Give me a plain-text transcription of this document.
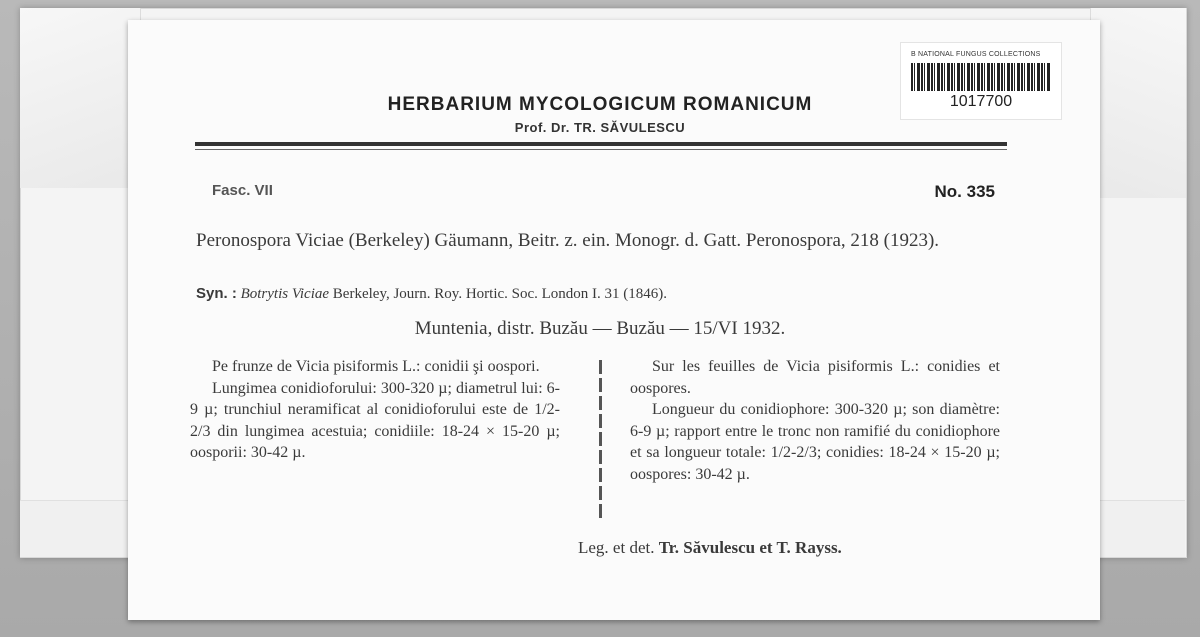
B NATIONAL FUNGUS COLLECTIONS
1017700
HERBARIUM MYCOLOGICUM ROMANICUM
Prof. Dr. TR. SĂVULESCU
Fasc. VII	No. 335
Peronospora Viciae (Berkeley) Gäumann, Beitr. z. ein. Monogr. d. Gatt. Peronospora, 218 (1923).
Syn. : Botrytis Viciae Berkeley, Journ. Roy. Hortic. Soc. London I. 31 (1846).
Muntenia, distr. Buzău — Buzău — 15/VI 1932.

Pe frunze de Vicia pisiformis L.: conidii şi oospori.

Lungimea conidioforului: 300-320 µ; diametrul lui: 6-9 µ; trunchiul neramificat al conidioforului este de 1/2-2/3 din lungimea acestuia; conidiile: 18-24 × 15-20 µ; oosporii: 30-42 µ.

Sur les feuilles de Vicia pisiformis L.: conidies et oospores.

Longueur du conidiophore: 300-320 µ; son diamètre: 6-9 µ; rapport entre le tronc non ramifié du conidiophore et sa longueur totale: 1/2-2/3; conidies: 18-24 × 15-20 µ; oospores: 30-42 µ.

Leg. et det. Tr. Săvulescu et T. Rayss.
